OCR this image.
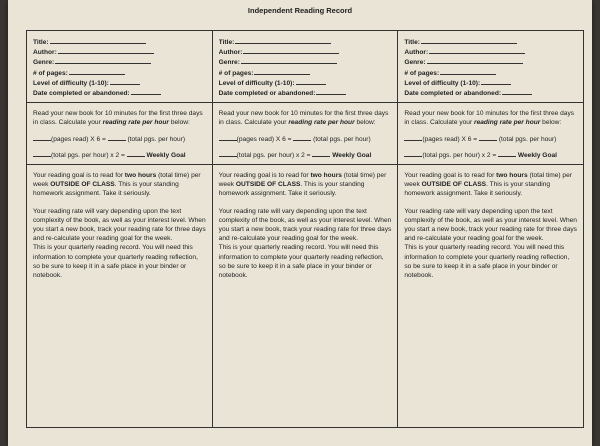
Independent Reading Record
Title:
Author:
Genre:
# of pages:
Level of difficulty (1-10):
Date completed or abandoned:
Read your new book for 10 minutes for the first three days in class. Calculate your reading rate per hour below:
(pages read) X 6 =	(total pgs. per hour)
(total pgs. per hour) x 2 =	Weekly Goal
Your reading goal is to read for two hours (total time) per week OUTSIDE OF CLASS. This is your standing homework assignment. Take it seriously.
Your reading rate will vary depending upon the text complexity of the book, as well as your interest level. When you start a new book, track your reading rate for three days and re-calculate your reading goal for the week.
This is your quarterly reading record. You will need this information to complete your quarterly reading reflection, so be sure to keep it in a safe place in your binder or notebook.
Title:
Author:
Genre:
# of pages:
Level of difficulty (1-10):
Date completed or abandoned:
Read your new book for 10 minutes for the first three days in class. Calculate your reading rate per hour below:
(pages read) X 6 =	(total pgs. per hour)
(total pgs. per hour) x 2 =	Weekly Goal
Your reading goal is to read for two hours (total time) per week OUTSIDE OF CLASS. This is your standing homework assignment. Take it seriously.
Your reading rate will vary depending upon the text complexity of the book, as well as your interest level. When you start a new book, track your reading rate for three days and re-calculate your reading goal for the week.
This is your quarterly reading record. You will need this information to complete your quarterly reading reflection, so be sure to keep it in a safe place in your binder or notebook.
Title:
Author:
Genre:
# of pages:
Level of difficulty (1-10):
Date completed or abandoned:
Read your new book for 10 minutes for the first three days in class. Calculate your reading rate per hour below:
(pages read) X 6 =	(total pgs. per hour)
(total pgs. per hour) x 2 =	Weekly Goal
Your reading goal is to read for two hours (total time) per week OUTSIDE OF CLASS. This is your standing homework assignment. Take it seriously.
Your reading rate will vary depending upon the text complexity of the book, as well as your interest level. When you start a new book, track your reading rate for three days and re-calculate your reading goal for the week.
This is your quarterly reading record. You will need this information to complete your quarterly reading reflection, so be sure to keep it in a safe place in your binder or notebook.
